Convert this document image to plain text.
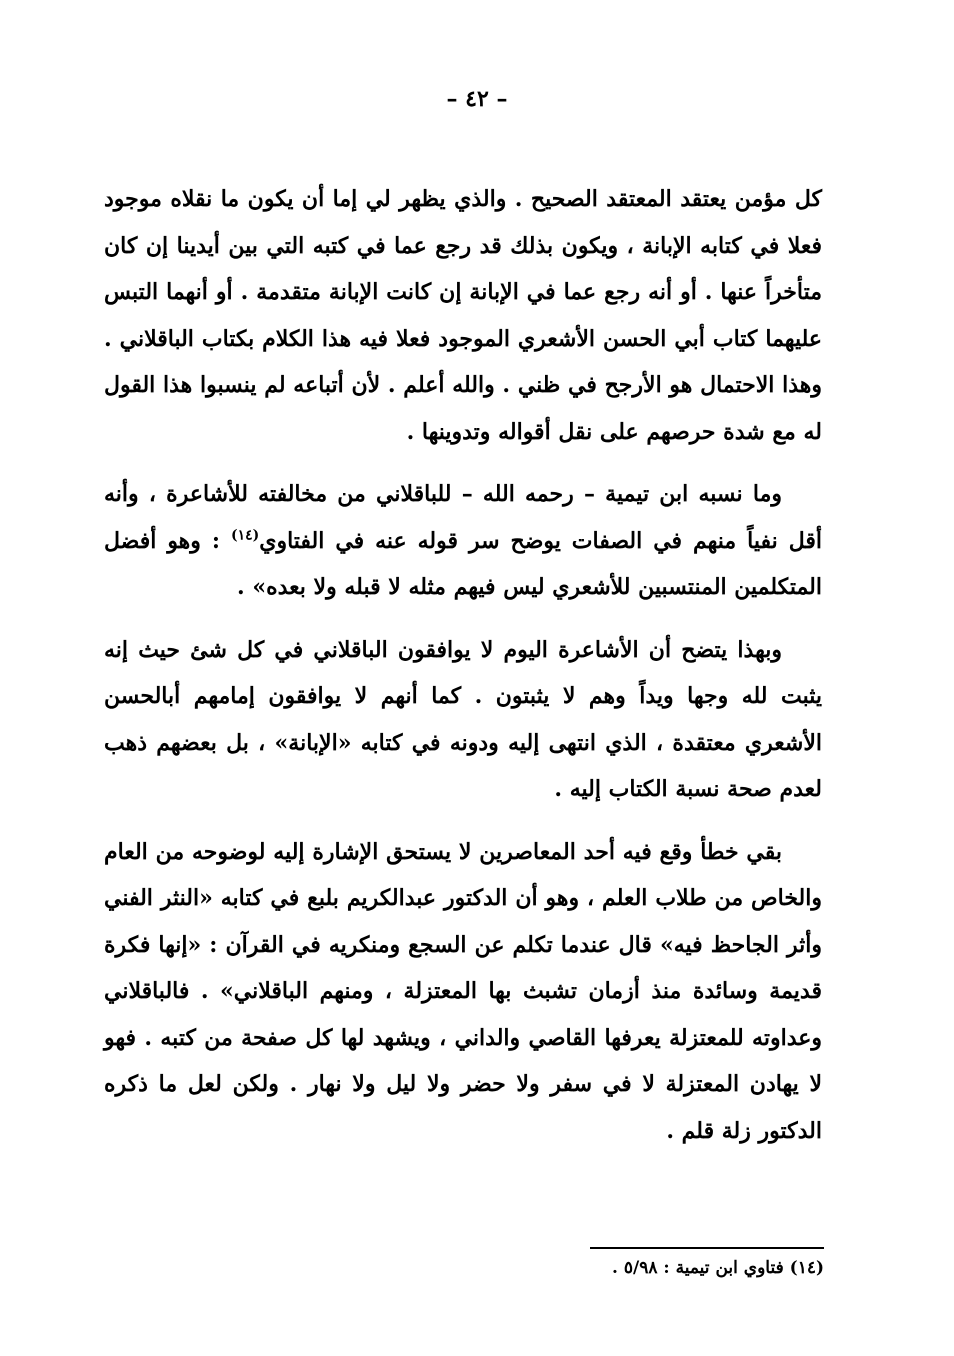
– ٤٢ –

كل مؤمن يعتقد المعتقد الصحيح . والذي يظهر لي إما أن يكون ما نقلاه موجود فعلا في كتابه الإبانة ، ويكون بذلك قد رجع عما في كتبه التي بين أيدينا إن كان متأخراً عنها . أو أنه رجع عما في الإبانة إن كانت الإبانة متقدمة . أو أنهما التبس عليهما كتاب أبي الحسن الأشعري الموجود فعلا فيه هذا الكلام بكتاب الباقلاني . وهذا الاحتمال هو الأرجح في ظني . والله أعلم . لأن أتباعه لم ينسبوا هذا القول له مع شدة حرصهم على نقل أقواله وتدوينها .

وما نسبه ابن تيمية – رحمه الله – للباقلاني من مخالفته للأشاعرة ، وأنه أقل نفياً منهم في الصفات يوضح سر قوله عنه في الفتاوي$^{(١٤)}$ : وهو أفضل المتكلمين المنتسبين للأشعري ليس فيهم مثله لا قبله ولا بعده» .

وبهذا يتضح أن الأشاعرة اليوم لا يوافقون الباقلاني في كل شئ حيث إنه يثبت لله وجها ويداً وهم لا يثبتون . كما أنهم لا يوافقون إمامهم أبالحسن الأشعري معتقدة ، الذي انتهى إليه ودونه في كتابه «الإبانة» ، بل بعضهم ذهب لعدم صحة نسبة الكتاب إليه .

بقي خطأ وقع فيه أحد المعاصرين لا يستحق الإشارة إليه لوضوحه من العام والخاص من طلاب العلم ، وهو أن الدكتور عبدالكريم بلبع في كتابه «النثر الفني وأثر الجاحظ فيه» قال عندما تكلم عن السجع ومنكريه في القرآن : «إنها فكرة قديمة وسائدة منذ أزمان تشبث بها المعتزلة ، ومنهم الباقلاني» . فالباقلاني وعداوته للمعتزلة يعرفها القاصي والداني ، ويشهد لها كل صفحة من كتبه . فهو لا يهادن المعتزلة لا في سفر ولا حضر ولا ليل ولا نهار . ولكن لعل ما ذكره الدكتور زلة قلم .

(١٤) فتاوي ابن تيمية : ٥/٩٨ .
